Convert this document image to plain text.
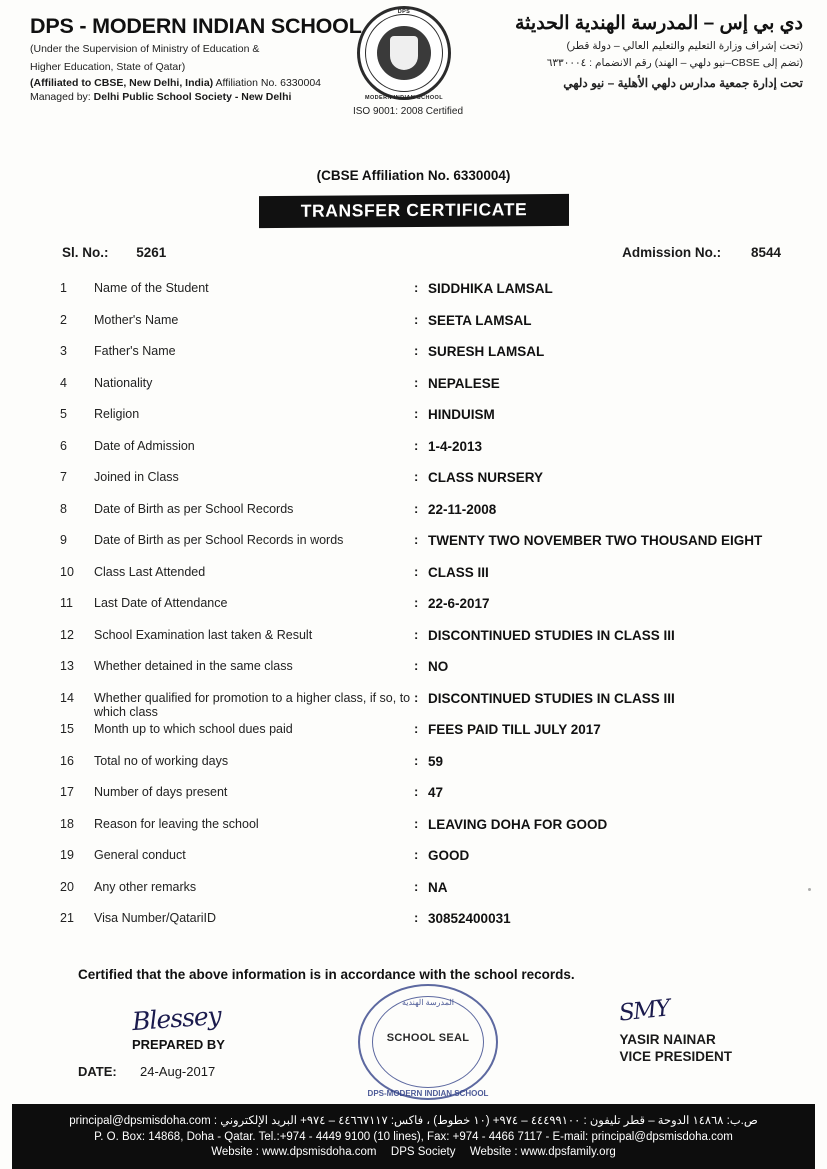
DPS - MODERN INDIAN SCHOOL
(Under the Supervision of Ministry of Education &
Higher Education, State of Qatar)
(Affiliated to CBSE, New Delhi, India) Affiliation No. 6330004
Managed by: Delhi Public School Society - New Delhi
DPS
MODERN INDIAN SCHOOL
ISO 9001: 2008 Certified
دي بي إس – المدرسة الهندية الحديثة
(تحت إشراف وزارة التعليم والتعليم العالي – دولة قطر)
(تضم إلى CBSE–نيو دلهي – الهند) رقم الانضمام : ٦٣٣٠٠٠٤
تحت إدارة جمعية مدارس دلهي الأهلية – نيو دلهي
(CBSE Affiliation No. 6330004)
TRANSFER CERTIFICATE
Sl. No.: 5261	Admission No.: 8544
1	Name of the Student	: SIDDHIKA LAMSAL
2	Mother's Name	: SEETA LAMSAL
3	Father's Name	: SURESH LAMSAL
4	Nationality	: NEPALESE
5	Religion	: HINDUISM
6	Date of Admission	: 1-4-2013
7	Joined in Class	: CLASS NURSERY
8	Date of Birth as per School Records	: 22-11-2008
9	Date of Birth as per School Records in words	: TWENTY TWO NOVEMBER TWO THOUSAND EIGHT
10	Class Last Attended	: CLASS III
11	Last Date of Attendance	: 22-6-2017
12	School Examination last taken & Result	: DISCONTINUED STUDIES IN CLASS III
13	Whether detained in the same class	: NO
14	Whether qualified for promotion to a higher class, if so, to which class
: DISCONTINUED STUDIES IN CLASS III
15	Month up to which school dues paid	: FEES PAID TILL JULY 2017
16	Total no of working days	: 59
17	Number of days present	: 47
18	Reason for leaving the school	: LEAVING DOHA FOR GOOD
19	General conduct	: GOOD
20	Any other remarks	: NA
21	Visa Number/QatariID	: 30852400031
Certified that the above information is in accordance with the school records.
Blessey
PREPARED BY
DATE: 24-Aug-2017
المدرسة الهندية
SCHOOL SEAL
DPS-MODERN INDIAN SCHOOL
SMY
YASIR NAINAR
VICE PRESIDENT
ص.ب: ١٤٨٦٨ الدوحة – قطر تليفون : ٤٤٤٩٩١٠٠ – ٩٧٤+ (١٠ خطوط) ، فاكس: ٤٤٦٦٧١١٧ – ٩٧٤+ البريد الإلكتروني : principal@dpsmisdoha.com
P. O. Box: 14868, Doha - Qatar. Tel.:+974 - 4449 9100 (10 lines), Fax: +974 - 4466 7117 - E-mail: principal@dpsmisdoha.com
Website : www.dpsmisdoha.com DPS Society Website : www.dpsfamily.org
